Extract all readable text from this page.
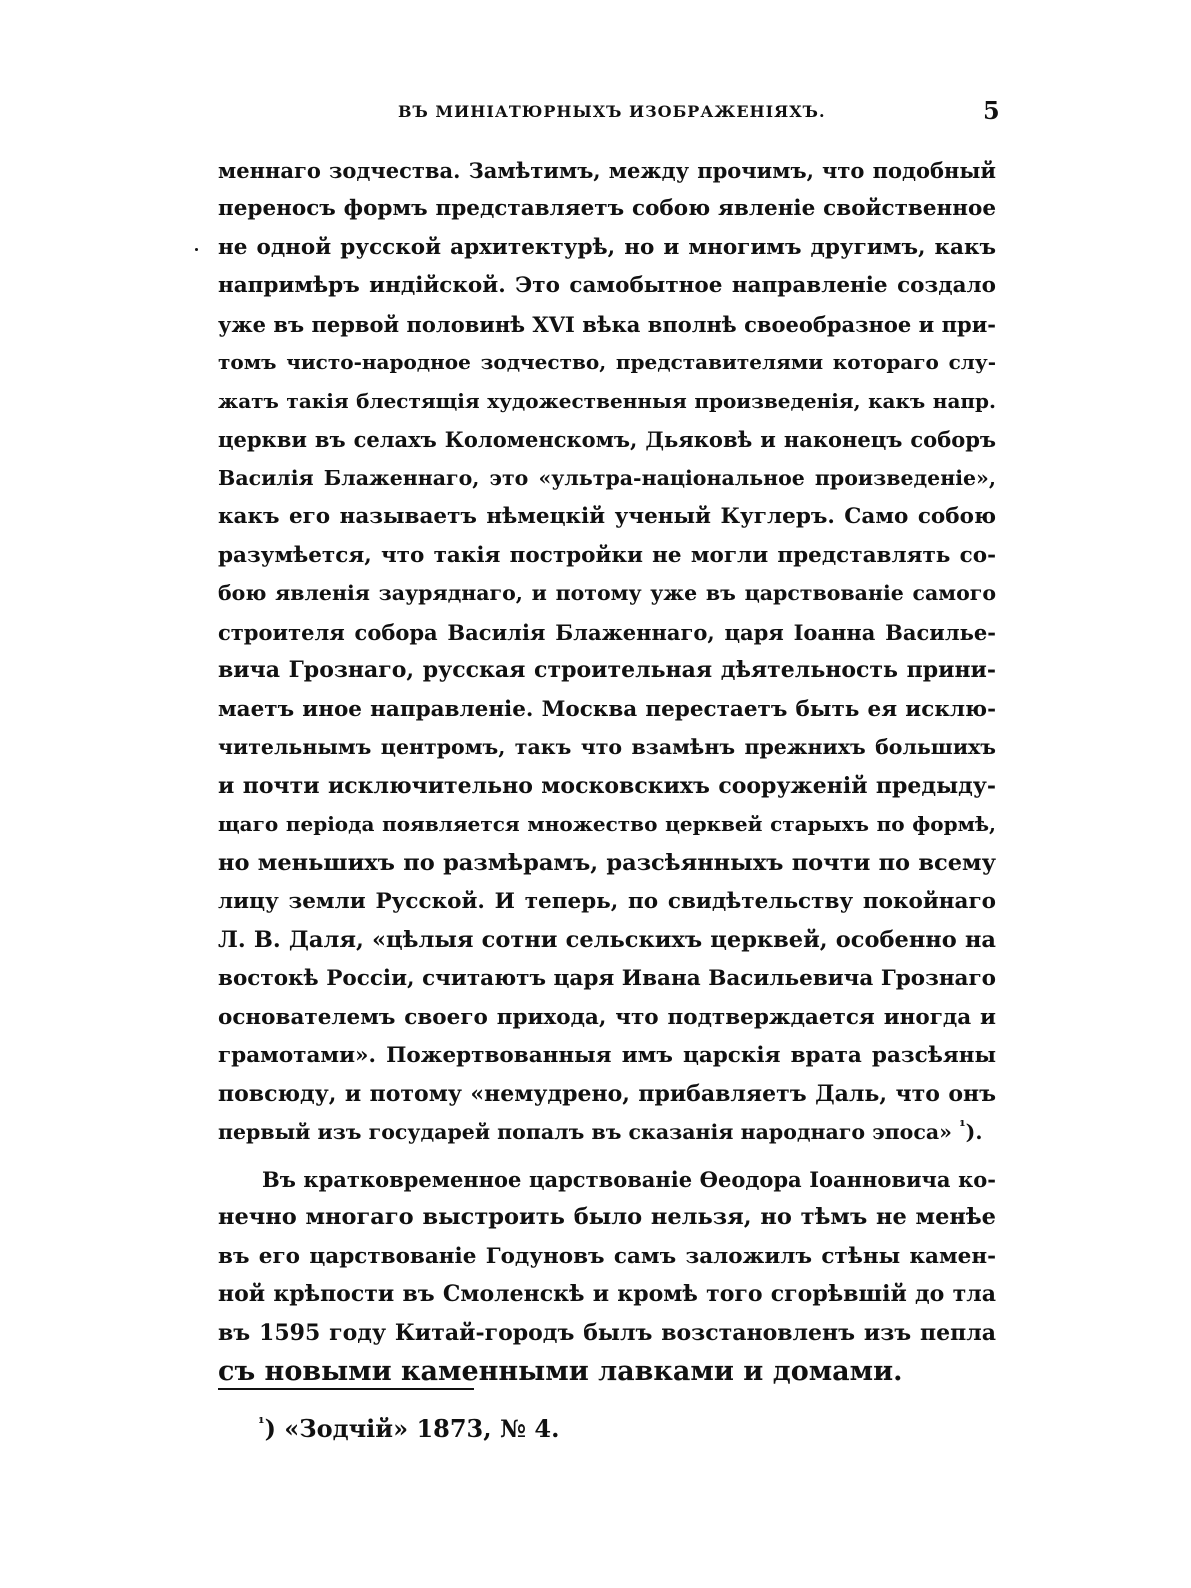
ВЪ МИНІАТЮРНЫХЪ ИЗОБРАЖЕНІЯХЪ.	5
меннаго зодчества. Замѣтимъ, между прочимъ, что подобный
переносъ формъ представляетъ собою явленіе свойственное
не одной русской архитектурѣ, но и многимъ другимъ, какъ
напримѣръ индійской. Это самобытное направленіе создало
уже въ первой половинѣ XVI вѣка вполнѣ своеобразное и при-
томъ чисто-народное зодчество, представителями котораго слу-
жатъ такія блестящія художественныя произведенія, какъ напр.
церкви въ селахъ Коломенскомъ, Дьяковѣ и наконецъ соборъ
Василія Блаженнаго, это «ультра-національное произведеніе»,
какъ его называетъ нѣмецкій ученый Куглеръ. Само собою
разумѣется, что такія постройки не могли представлять со-
бою явленія зауряднаго, и потому уже въ царствованіе самого
строителя собора Василія Блаженнаго, царя Іоанна Василье-
вича Грознаго, русская строительная дѣятельность прини-
маетъ иное направленіе. Москва перестаетъ быть ея исклю-
чительнымъ центромъ, такъ что взамѣнъ прежнихъ большихъ
и почти исключительно московскихъ сооруженій предыду-
щаго періода появляется множество церквей старыхъ по формѣ,
но меньшихъ по размѣрамъ, разсѣянныхъ почти по всему
лицу земли Русской. И теперь, по свидѣтельству покойнаго
Л. В. Даля, «цѣлыя сотни сельскихъ церквей, особенно на
востокѣ Россіи, считаютъ царя Ивана Васильевича Грознаго
основателемъ своего прихода, что подтверждается иногда и
грамотами». Пожертвованныя имъ царскія врата разсѣяны
повсюду, и потому «немудрено, прибавляетъ Даль, что онъ
первый изъ государей попалъ въ сказанія народнаго эпоса» $^{^1}$).
Въ кратковременное царствованіе Ѳеодора Іоанновича ко-
нечно многаго выстроить было нельзя, но тѣмъ не менѣе
въ его царствованіе Годуновъ самъ заложилъ стѣны камен-
ной крѣпости въ Смоленскѣ и кромѣ того сгорѣвшій до тла
въ 1595 году Китай-городъ былъ возстановленъ изъ пепла
съ новыми каменными лавками и домами.
$^{^1}$) «Зодчій» 1873, № 4.
